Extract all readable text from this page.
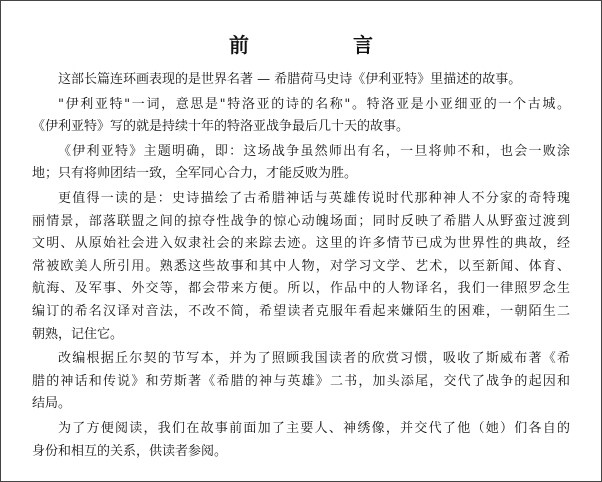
前　言

这部长篇连环画表现的是世界名著 — 希腊荷马史诗《伊利亚特》里描述的故事。

"伊利亚特"一词，意思是"特洛亚的诗的名称"。特洛亚是小亚细亚的一个古城。
《伊利亚特》写的就是持续十年的特洛亚战争最后几十天的故事。

《伊利亚特》主题明确，即：这场战争虽然师出有名，一旦将帅不和，也会一败涂
地；只有将帅团结一致，全军同心合力，才能反败为胜。

更值得一读的是：史诗描绘了古希腊神话与英雄传说时代那种神人不分家的奇特瑰
丽情景，部落联盟之间的掠夺性战争的惊心动魄场面；同时反映了希腊人从野蛮过渡到
文明、从原始社会进入奴隶社会的来踪去迹。这里的许多情节已成为世界性的典故，经
常被欧美人所引用。熟悉这些故事和其中人物，对学习文学、艺术，以至新闻、体育、
航海、及军事、外交等，都会带来方便。所以，作品中的人物译名，我们一律照罗念生
编订的希名汉译对音法，不改不简，希望读者克服年看起来嫌陌生的困难，一朝陌生二
朝熟，记住它。

改编根据丘尔契的节写本，并为了照顾我国读者的欣赏习惯，吸收了斯威布著《希
腊的神话和传说》和劳斯著《希腊的神与英雄》二书，加头添尾，交代了战争的起因和
结局。

为了方便阅读，我们在故事前面加了主要人、神绣像，并交代了他（她）们各自的
身份和相互的关系，供读者参阅。
